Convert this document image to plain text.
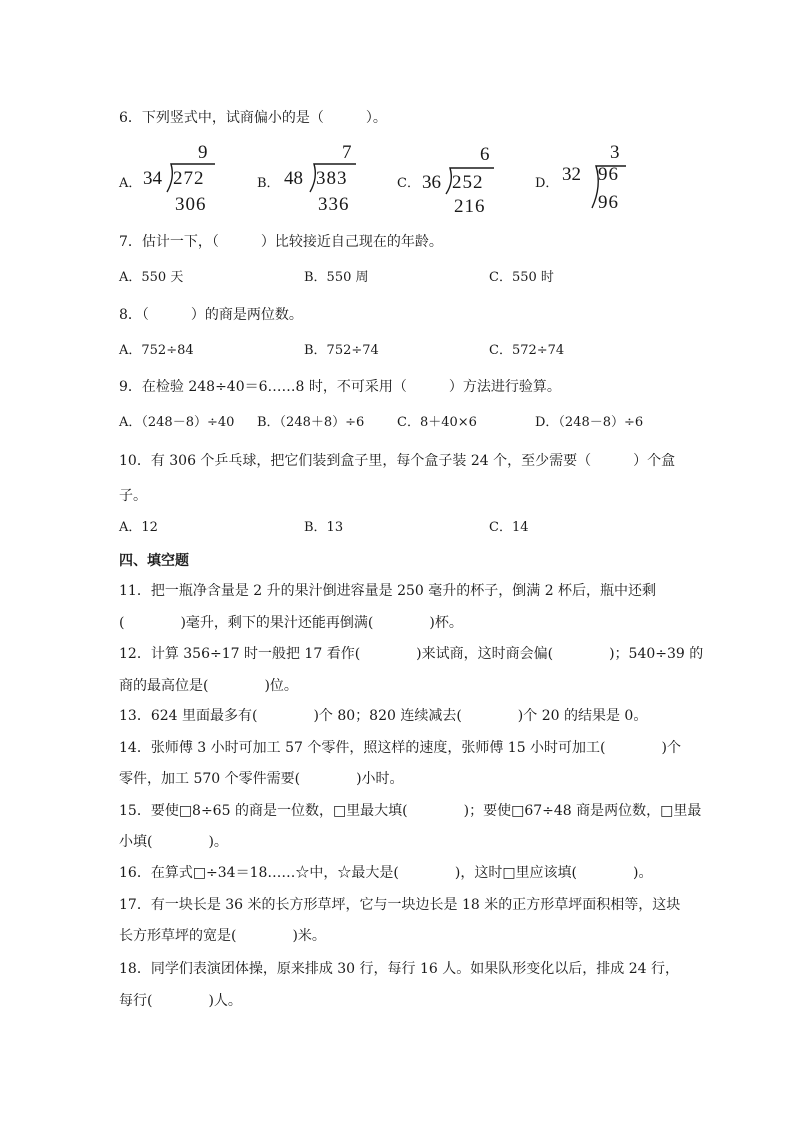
6．下列竖式中，试商偏小的是（　　　）。
A．
9
34 272
306
B．
7
48 383
336
C．
6
36 252
216
D．
3
32 96
96
7．估计一下，（　　　）比较接近自己现在的年龄。
A．550 天	B．550 周	C．550 时
8．（　　　）的商是两位数。
A．752÷84	B．752÷74	C．572÷74
9．在检验 248÷40＝6……8 时，不可采用（　　　）方法进行验算。
A．（248－8）÷40 B．（248＋8）÷6	C．8＋40×6	D．（248－8）÷6
10．有 306 个乒乓球，把它们装到盒子里，每个盒子装 24 个，至少需要（　　　）个盒
子。
A．12	B．13	C．14
四、填空题
11．把一瓶净含量是 2 升的果汁倒进容量是 250 毫升的杯子，倒满 2 杯后，瓶中还剩
(　　　　)毫升，剩下的果汁还能再倒满(　　　　)杯。
12．计算 356÷17 时一般把 17 看作(　　　　)来试商，这时商会偏(　　　　)；540÷39 的
商的最高位是(　　　　)位。
13．624 里面最多有(　　　　)个 80；820 连续减去(　　　　)个 20 的结果是 0。
14．张师傅 3 小时可加工 57 个零件，照这样的速度，张师傅 15 小时可加工(　　　　)个
零件，加工 570 个零件需要(　　　　)小时。
15．要使□8÷65 的商是一位数，□里最大填(　　　　)；要使□67÷48 商是两位数，□里最
小填(　　　　)。
16．在算式□÷34＝18……☆中，☆最大是(　　　　)，这时□里应该填(　　　　)。
17．有一块长是 36 米的长方形草坪，它与一块边长是 18 米的正方形草坪面积相等，这块
长方形草坪的宽是(　　　　)米。
18．同学们表演团体操，原来排成 30 行，每行 16 人。如果队形变化以后，排成 24 行，
每行(　　　　)人。
